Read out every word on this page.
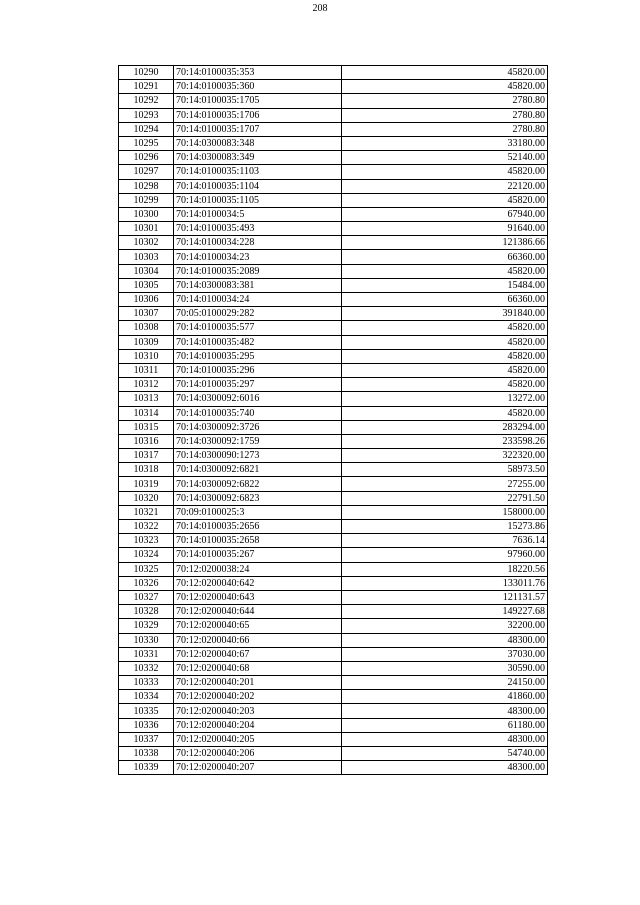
208
10290	70:14:0100035:353	45820.00
10291	70:14:0100035:360	45820.00
10292	70:14:0100035:1705	2780.80
10293	70:14:0100035:1706	2780.80
10294	70:14:0100035:1707	2780.80
10295	70:14:0300083:348	33180.00
10296	70:14:0300083:349	52140.00
10297	70:14:0100035:1103	45820.00
10298	70:14:0100035:1104	22120.00
10299	70:14:0100035:1105	45820.00
10300	70:14:0100034:5	67940.00
10301	70:14:0100035:493	91640.00
10302	70:14:0100034:228	121386.66
10303	70:14:0100034:23	66360.00
10304	70:14:0100035:2089	45820.00
10305	70:14:0300083:381	15484.00
10306	70:14:0100034:24	66360.00
10307	70:05:0100029:282	391840.00
10308	70:14:0100035:577	45820.00
10309	70:14:0100035:482	45820.00
10310	70:14:0100035:295	45820.00
10311	70:14:0100035:296	45820.00
10312	70:14:0100035:297	45820.00
10313	70:14:0300092:6016	13272.00
10314	70:14:0100035:740	45820.00
10315	70:14:0300092:3726	283294.00
10316	70:14:0300092:1759	233598.26
10317	70:14:0300090:1273	322320.00
10318	70:14:0300092:6821	58973.50
10319	70:14:0300092:6822	27255.00
10320	70:14:0300092:6823	22791.50
10321	70:09:0100025:3	158000.00
10322	70:14:0100035:2656	15273.86
10323	70:14:0100035:2658	7636.14
10324	70:14:0100035:267	97960.00
10325	70:12:0200038:24	18220.56
10326	70:12:0200040:642	133011.76
10327	70:12:0200040:643	121131.57
10328	70:12:0200040:644	149227.68
10329	70:12:0200040:65	32200.00
10330	70:12:0200040:66	48300.00
10331	70:12:0200040:67	37030.00
10332	70:12:0200040:68	30590.00
10333	70:12:0200040:201	24150.00
10334	70:12:0200040:202	41860.00
10335	70:12:0200040:203	48300.00
10336	70:12:0200040:204	61180.00
10337	70:12:0200040:205	48300.00
10338	70:12:0200040:206	54740.00
10339	70:12:0200040:207	48300.00
